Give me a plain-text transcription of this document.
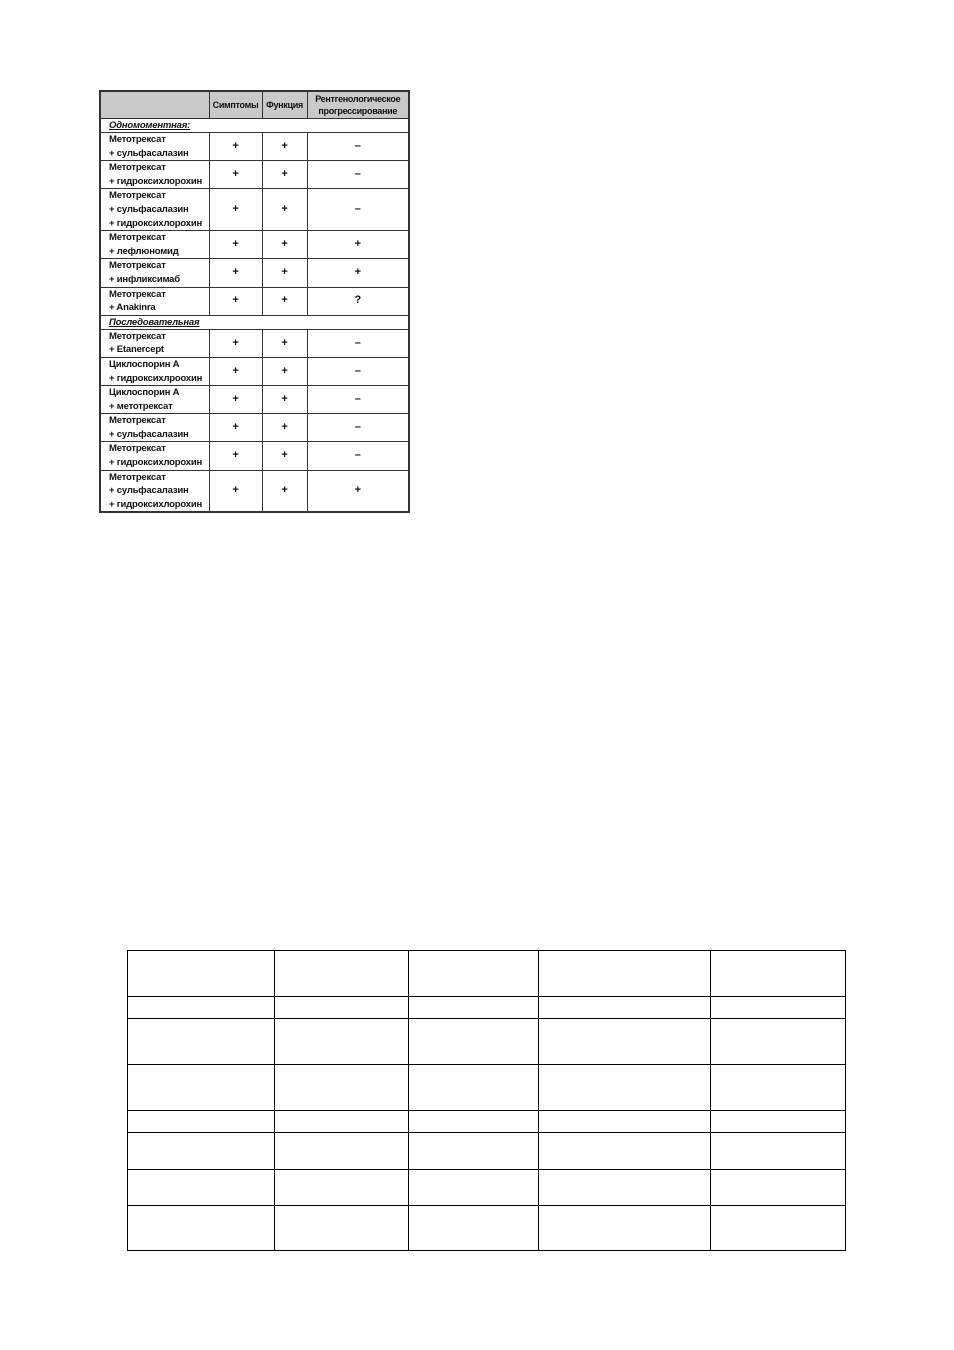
	Симптомы	Функция	Рентгенологическое
прогрессирование
Одномоментная:			

Метотрексат
+ сульфасалазин	+	+	–

Метотрексат
+ гидроксихлорохин	+	+	–

Метотрексат
+ сульфасалазин
+ гидроксихлорохин	+	+	–

Метотрексат
+ лефлюномид	+	+	+

Метотрексат
+ инфликсимаб	+	+	+

Метотрексат
+ Anakinra	+	+	?
Последовательная			

Метотрексат
+ Etanercept	+	+	–

Циклоспорин А
+ гидроксихлроохин	+	+	–

Циклоспорин А
+ метотрексат	+	+	–

Метотрексат
+ сульфасалазин	+	+	–

Метотрексат
+ гидроксихлорохин	+	+	–

Метотрексат
+ сульфасалазин
+ гидроксихлорохин	+	+	+
